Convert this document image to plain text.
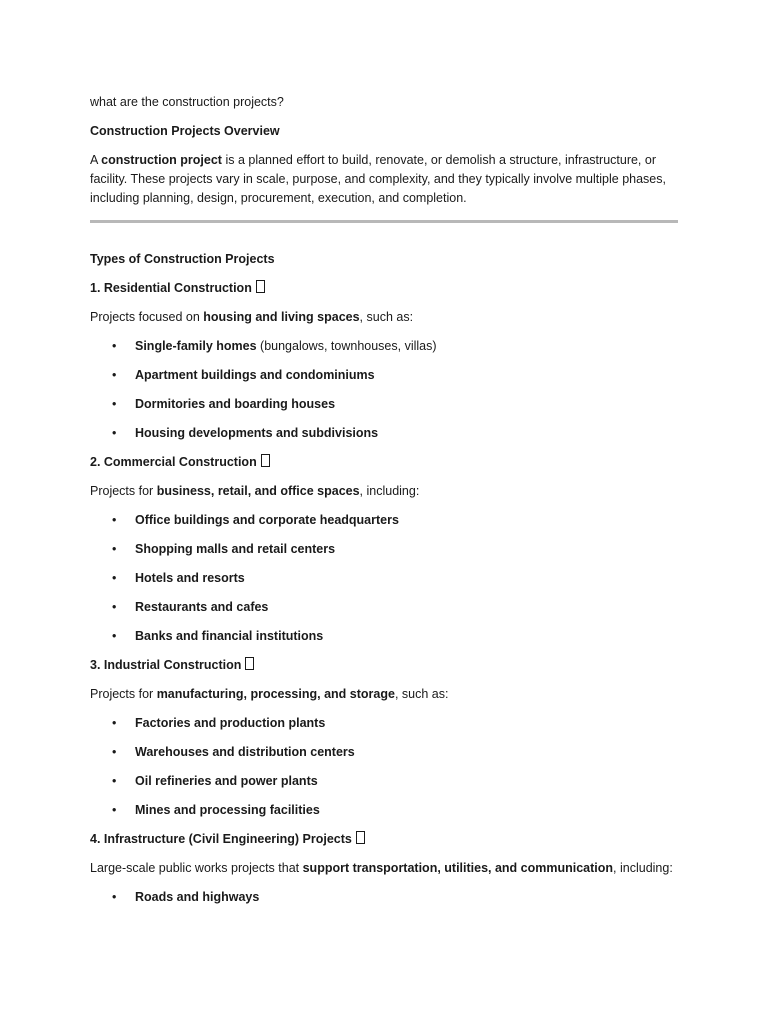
what are the construction projects?

Construction Projects Overview

A construction project is a planned effort to build, renovate, or demolish a structure, infrastructure, or
facility. These projects vary in scale, purpose, and complexity, and they typically involve multiple phases,
including planning, design, procurement, execution, and completion.

Types of Construction Projects

1. Residential Construction

Projects focused on housing and living spaces, such as:

• Single-family homes (bungalows, townhouses, villas)
• Apartment buildings and condominiums
• Dormitories and boarding houses
• Housing developments and subdivisions

2. Commercial Construction

Projects for business, retail, and office spaces, including:

• Office buildings and corporate headquarters
• Shopping malls and retail centers
• Hotels and resorts
• Restaurants and cafes
• Banks and financial institutions

3. Industrial Construction

Projects for manufacturing, processing, and storage, such as:

• Factories and production plants
• Warehouses and distribution centers
• Oil refineries and power plants
• Mines and processing facilities

4. Infrastructure (Civil Engineering) Projects

Large-scale public works projects that support transportation, utilities, and communication, including:

• Roads and highways
